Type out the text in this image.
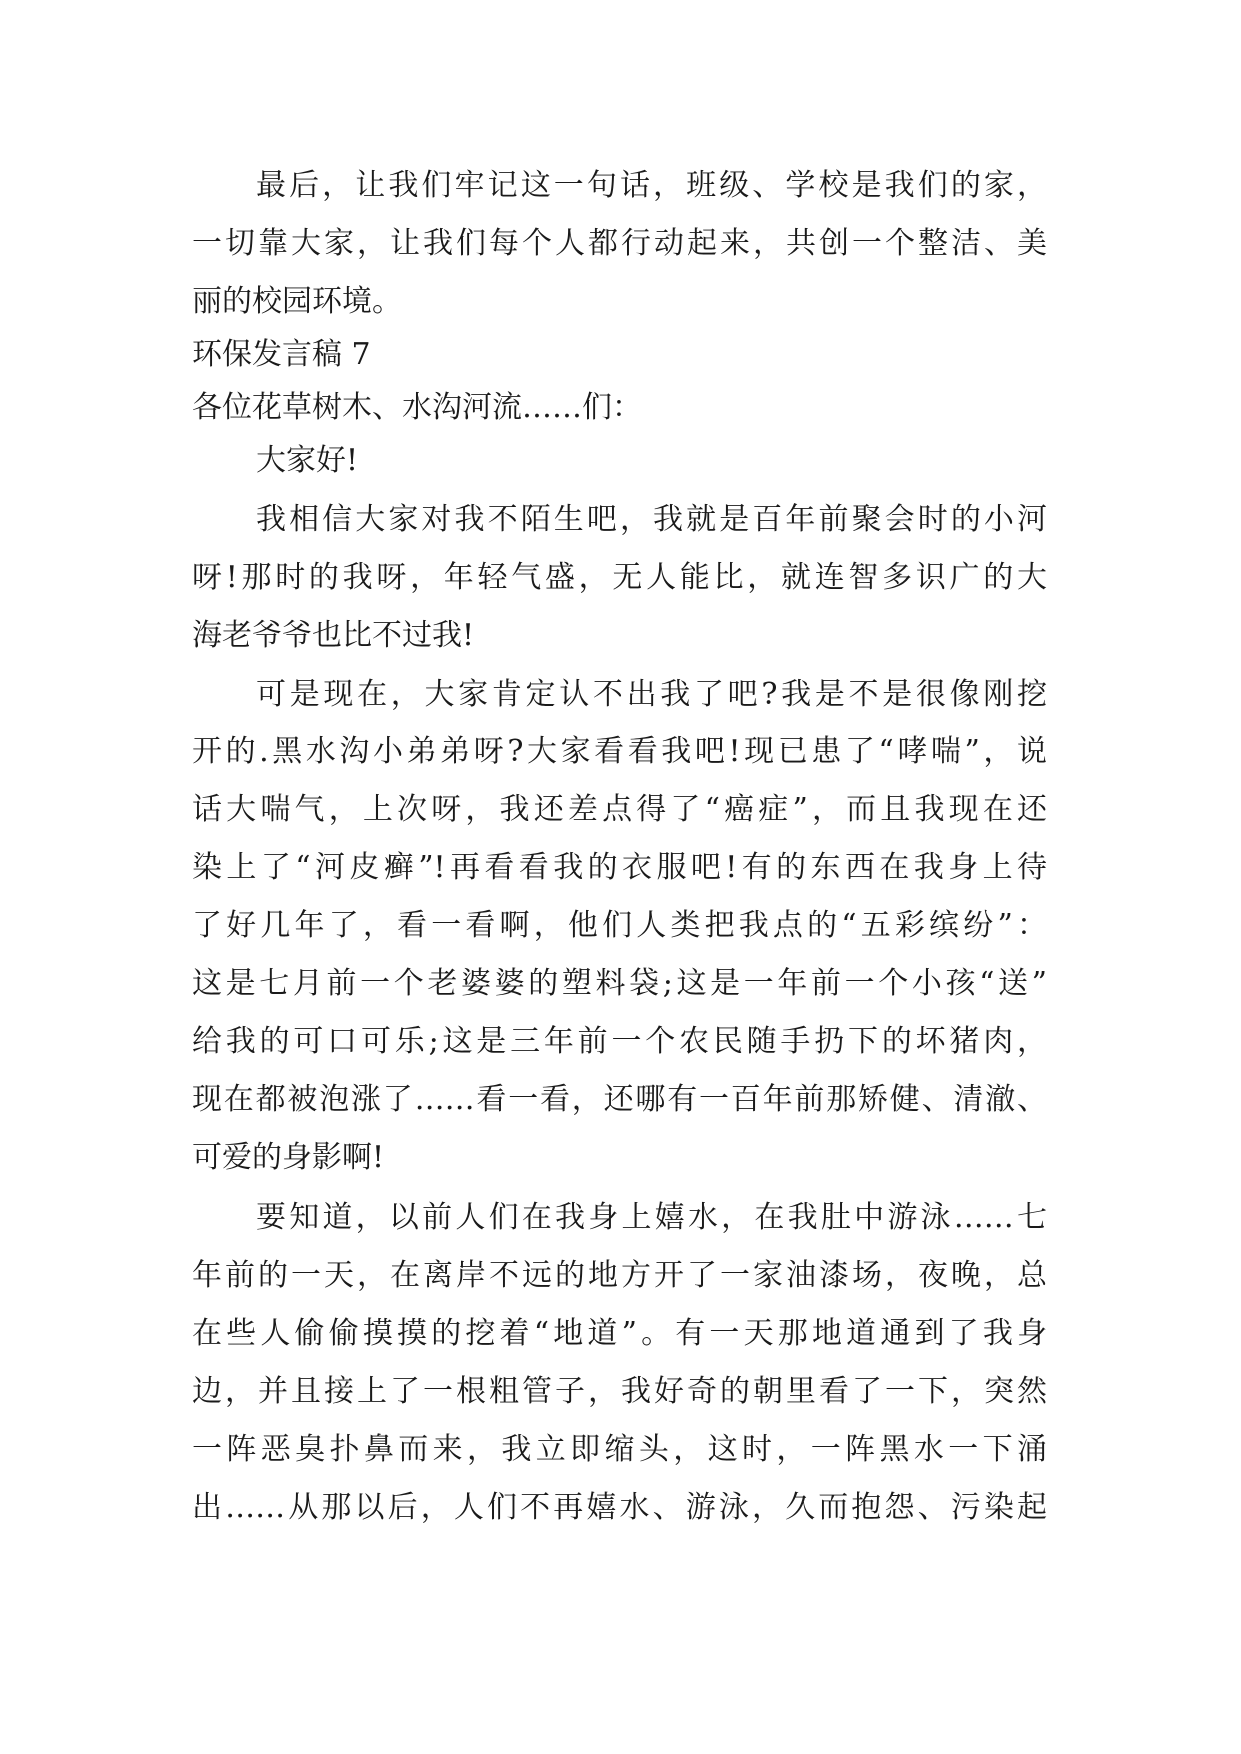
最后，让我们牢记这一句话，班级、学校是我们的家，
一切靠大家，让我们每个人都行动起来，共创一个整洁、美
丽的校园环境。
环保发言稿 7
各位花草树木、水沟河流……们：
大家好!
我相信大家对我不陌生吧，我就是百年前聚会时的小河
呀!那时的我呀，年轻气盛，无人能比，就连智多识广的大
海老爷爷也比不过我!
可是现在，大家肯定认不出我了吧?我是不是很像刚挖
开的.黑水沟小弟弟呀?大家看看我吧!现已患了“哮喘”，说
话大喘气，上次呀，我还差点得了“癌症”，而且我现在还
染上了“河皮癣”!再看看我的衣服吧!有的东西在我身上待
了好几年了，看一看啊，他们人类把我点的“五彩缤纷”：
这是七月前一个老婆婆的塑料袋;这是一年前一个小孩“送”
给我的可口可乐;这是三年前一个农民随手扔下的坏猪肉，
现在都被泡涨了……看一看，还哪有一百年前那矫健、清澈、
可爱的身影啊!
要知道，以前人们在我身上嬉水，在我肚中游泳……七
年前的一天，在离岸不远的地方开了一家油漆场，夜晚，总
在些人偷偷摸摸的挖着“地道”。有一天那地道通到了我身
边，并且接上了一根粗管子，我好奇的朝里看了一下，突然
一阵恶臭扑鼻而来，我立即缩头，这时，一阵黑水一下涌
出……从那以后，人们不再嬉水、游泳，久而抱怨、污染起
